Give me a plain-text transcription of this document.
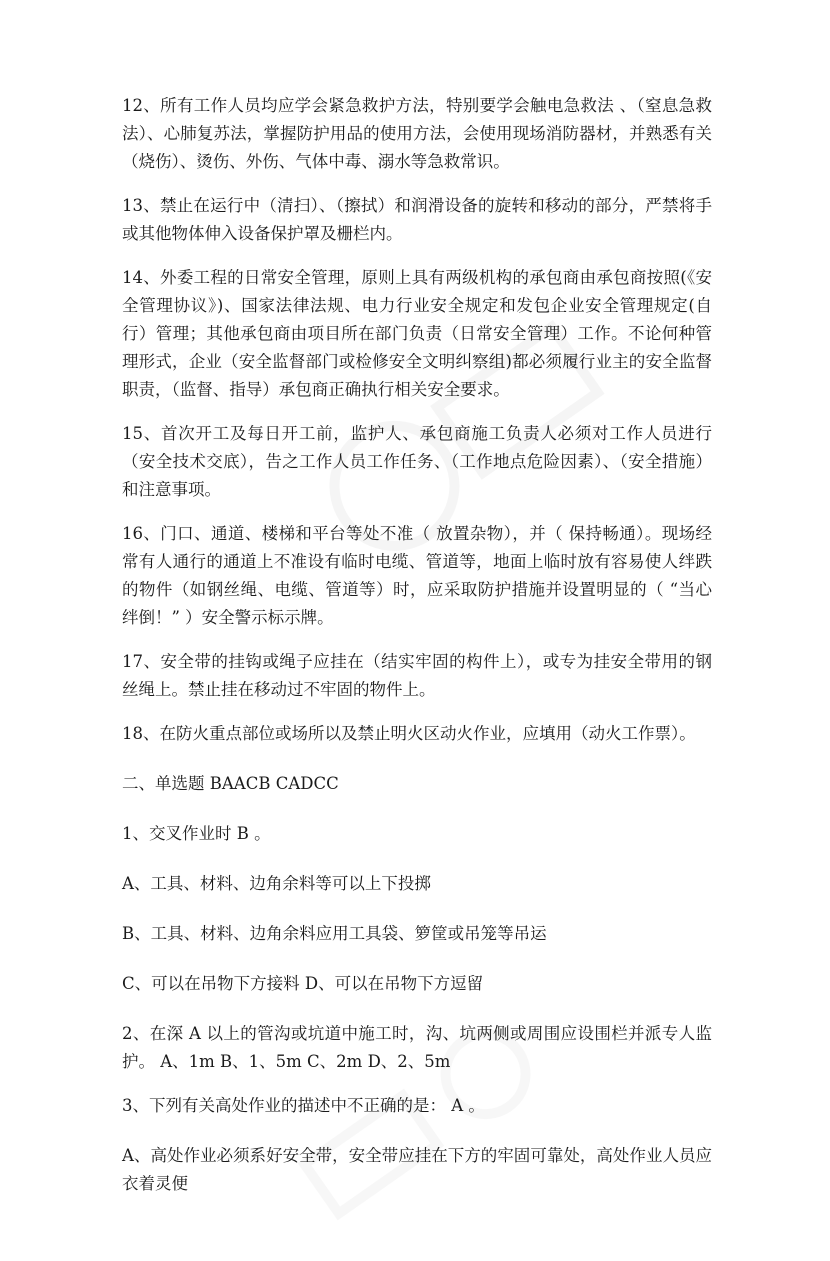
12、所有工作人员均应学会紧急救护方法，特别要学会触电急救法 、（窒息急救法）、心肺复苏法，掌握防护用品的使用方法，会使用现场消防器材，并熟悉有关（烧伤）、烫伤、外伤、气体中毒、溺水等急救常识。

13、禁止在运行中（清扫）、（擦拭）和润滑设备的旋转和移动的部分，严禁将手或其他物体伸入设备保护罩及栅栏内。

14、外委工程的日常安全管理，原则上具有两级机构的承包商由承包商按照(《安全管理协议》)、国家法律法规、电力行业安全规定和发包企业安全管理规定(自行）管理；其他承包商由项目所在部门负责（日常安全管理）工作。不论何种管理形式，企业（安全监督部门或检修安全文明纠察组)都必须履行业主的安全监督职责，（监督、指导）承包商正确执行相关安全要求。

15、首次开工及每日开工前，监护人、承包商施工负责人必须对工作人员进行（安全技术交底），告之工作人员工作任务、（工作地点危险因素）、（安全措施）和注意事项。

16、门口、通道、楼梯和平台等处不准（ 放置杂物），并（ 保持畅通）。现场经常有人通行的通道上不准设有临时电缆、管道等，地面上临时放有容易使人绊跌的物件（如钢丝绳、电缆、管道等）时，应采取防护措施并设置明显的（ “当心绊倒！” ）安全警示标示牌。

17、安全带的挂钩或绳子应挂在（结实牢固的构件上），或专为挂安全带用的钢丝绳上。禁止挂在移动过不牢固的物件上。

18、在防火重点部位或场所以及禁止明火区动火作业，应填用（动火工作票）。

二、单选题 BAACB CADCC

1、交叉作业时 B 。

A、工具、材料、边角余料等可以上下投掷

B、工具、材料、边角余料应用工具袋、箩筐或吊笼等吊运

C、可以在吊物下方接料 D、可以在吊物下方逗留

2、在深 A 以上的管沟或坑道中施工时，沟、坑两侧或周围应设围栏并派专人监护。 A、1m B、1、5m C、2m D、2、5m

3、下列有关高处作业的描述中不正确的是： A 。

A、高处作业必须系好安全带，安全带应挂在下方的牢固可靠处，高处作业人员应衣着灵便
